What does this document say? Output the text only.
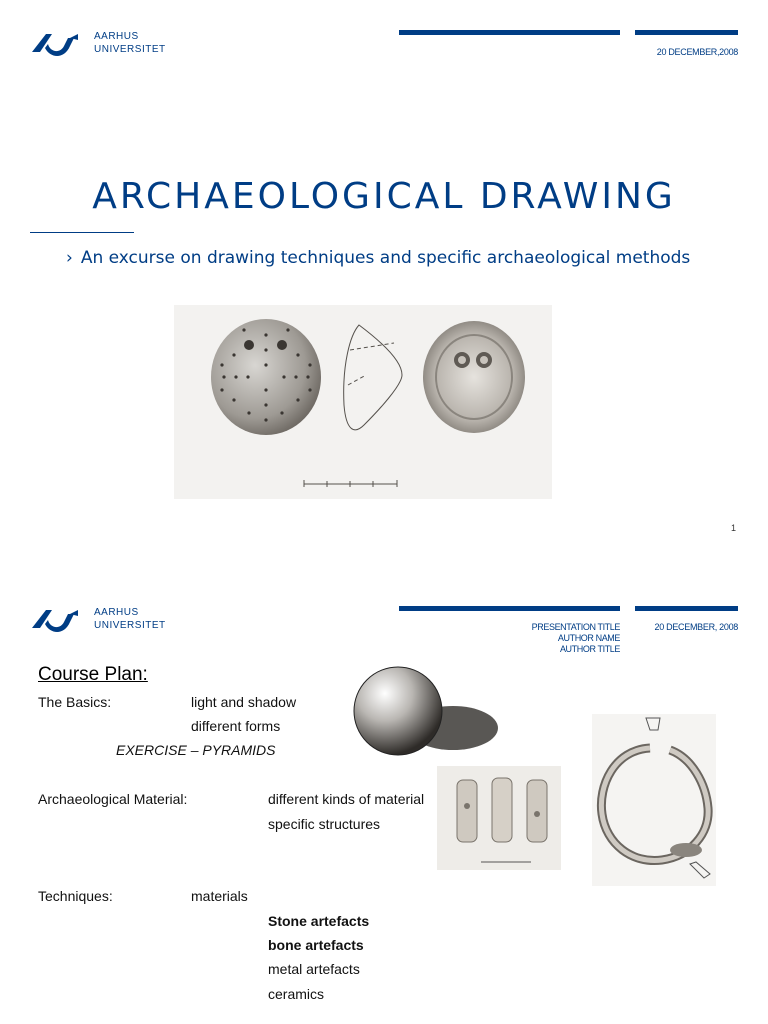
AARHUS
UNIVERSITET	20 DECEMBER,2008
ARCHAEOLOGICAL DRAWING
› An excurse on drawing techniques and specific archaeological methods
1
AARHUS
UNIVERSITET	PRESENTATION TITLE
AUTHOR NAME
AUTHOR TITLE
20 DECEMBER, 2008
Course Plan:
The Basics:	light and shadow
different forms
EXERCISE – PYRAMIDS
Archaeological Material:	different kinds of material
specific structures
Techniques:	materials
Stone artefacts
bone artefacts
metal artefacts
ceramics
